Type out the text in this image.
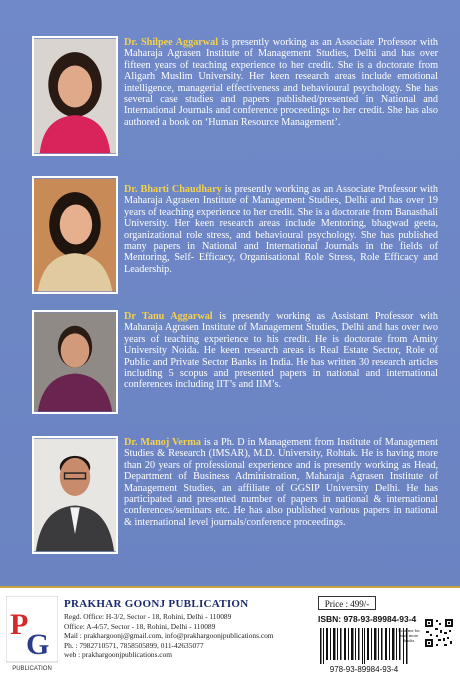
Dr. Shilpee Aggarwal is presently working as an Associate Professor with Maharaja Agrasen Institute of Management Studies, Delhi and has over fifteen years of teaching experience to her credit. She is a doctorate from Aligarh Muslim University. Her keen research areas include emotional intelligence, managerial effectiveness and behavioural psychology. She has several case studies and papers published/presented in National and International Journals and conference proceedings to her credit. She has also authored a book on ‘Human Resource Management’.

Dr. Bharti Chaudhary is presently working as an Associate Professor with Maharaja Agrasen Institute of Management Studies, Delhi and has over 19 years of teaching experience to her credit. She is a doctorate from Banasthali University. Her keen research areas include Mentoring, bhagwad geeta, organizational role stress, and behavioural psychology. She has published many papers in National and International Journals in the fields of Mentoring, Self- Efficacy, Organisational Role Stress, Role Efficacy and Leadership.

Dr Tanu Aggarwal is presently working as Assistant Professor with Maharaja Agrasen Institute of Management Studies, Delhi and has over two years of teaching experience to his credit. He is doctorate from Amity University Noida. He keen research areas is Real Estate Sector, Role of Public and Private Sector Banks in India. He has written 30 research articles including 5 scopus and presented papers in national and international conferences including IIT’s and IIM’s.

Dr. Manoj Verma is a Ph. D in Management from Institute of Management Studies & Research (IMSAR), M.D. University, Rohtak. He is having more than 20 years of professional experience and is presently working as Head, Department of Business Administration, Maharaja Agrasen Institute of Management Studies, an affiliate of GGSIP University Delhi. He has participated and presented number of papers in national & international conferences/seminars etc. He has also published various papers in national & international level journals/conference proceedings.

P
G
PUBLICATION

PRAKHAR GOONJ PUBLICATION

Regd. Office: H-3/2, Sector - 18, Rohini, Delhi - 110089
Office: A-4/57, Sector - 18, Rohini, Delhi - 110089
Mail : prakhargoonj@gmail.com, info@prakhargoonjpublications.com
Ph. : 7982710571, 7858505899, 011-42635077
web : prakhargoonjpublications.com
Price : 499/-
ISBN: 978-93-89984-93-4
978-93-89984-93-4
Scan me for visit more books
